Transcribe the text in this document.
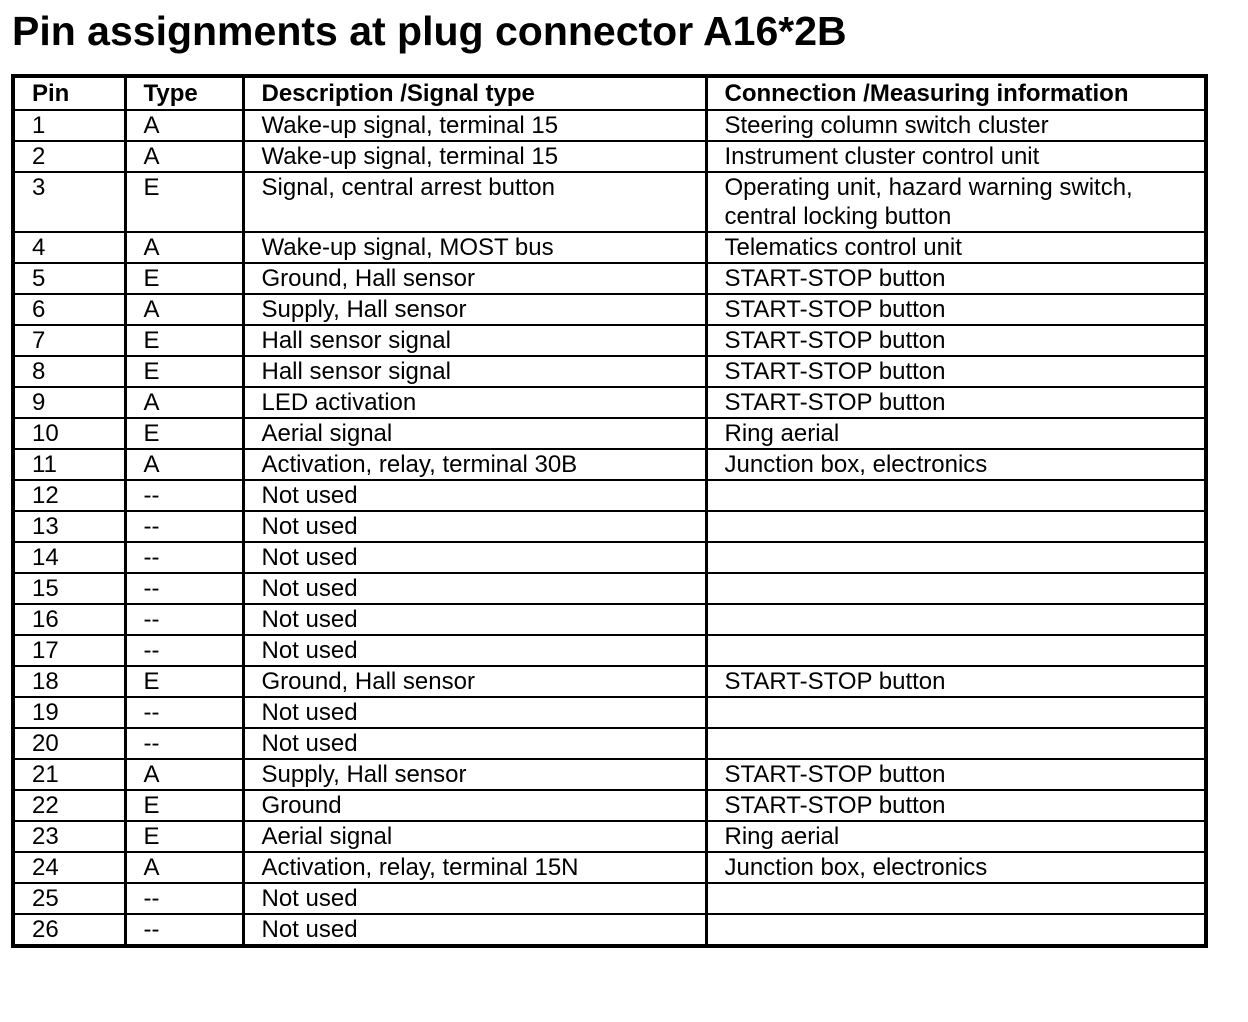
Pin assignments at plug connector A16*2B
Pin	Type	Description /Signal type	Connection /Measuring information
1	A	Wake-up signal, terminal 15	Steering column switch cluster
2	A	Wake-up signal, terminal 15	Instrument cluster control unit
3	E	Signal, central arrest button	Operating unit, hazard warning switch, central locking button
4	A	Wake-up signal, MOST bus	Telematics control unit
5	E	Ground, Hall sensor	START-STOP button
6	A	Supply, Hall sensor	START-STOP button
7	E	Hall sensor signal	START-STOP button
8	E	Hall sensor signal	START-STOP button
9	A	LED activation	START-STOP button
10	E	Aerial signal	Ring aerial
11	A	Activation, relay, terminal 30B	Junction box, electronics
12	--	Not used	
13	--	Not used	
14	--	Not used	
15	--	Not used	
16	--	Not used	
17	--	Not used	
18	E	Ground, Hall sensor	START-STOP button
19	--	Not used	
20	--	Not used	
21	A	Supply, Hall sensor	START-STOP button
22	E	Ground	START-STOP button
23	E	Aerial signal	Ring aerial
24	A	Activation, relay, terminal 15N	Junction box, electronics
25	--	Not used	
26	--	Not used	
